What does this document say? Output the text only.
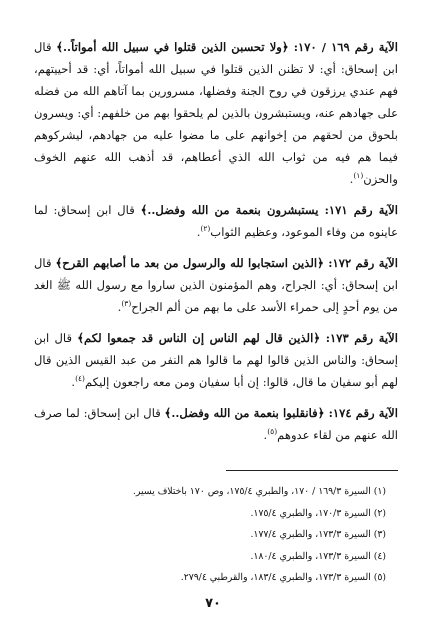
الآية رقم ١٦٩ / ١٧٠: ﴿ولا تحسبن الذين قتلوا في سبيل الله أمواتاً..﴾ قال ابن إسحاق: أي: لا تظنن الذين قتلوا في سبيل الله أمواتاً، أي: قد أحييتهم، فهم عندي يرزقون في روح الجنة وفضلها، مسرورين بما آتاهم الله من فضله على جهادهم عنه، ويستبشرون بالذين لم يلحقوا بهم من خلفهم: أي: ويسرون بلحوق من لحقهم من إخوانهم على ما مضوا عليه من جهادهم، ليشركوهم فيما هم فيه من ثواب الله الذي أعطاهم، قد أذهب الله عنهم الخوف والحزن$^{(١)}$.

الآية رقم ١٧١: يستبشرون بنعمة من الله وفضل..﴾ قال ابن إسحاق: لما عاينوه من وفاء الموعود، وعظيم الثواب$^{(٢)}$.

الآية رقم ١٧٢: ﴿الذين استجابوا لله والرسول من بعد ما أصابهم القرح﴾ قال ابن إسحاق: أي: الجراح، وهم المؤمنون الذين ساروا مع رسول الله ﷺ الغد من يوم أحدٍ إلى حمراء الأسد على ما بهم من ألم الجراح$^{(٣)}$.

الآية رقم ١٧٣: ﴿الذين قال لهم الناس إن الناس قد جمعوا لكم﴾ قال ابن إسحاق: والناس الذين قالوا لهم ما قالوا هم النفر من عبد القيس الذين قال لهم أبو سفيان ما قال، قالوا: إن أبا سفيان ومن معه راجعون إليكم$^{(٤)}$.

الآية رقم ١٧٤: ﴿فانقلبوا بنعمة من الله وفضل..﴾ قال ابن إسحاق: لما صرف الله عنهم من لقاء عدوهم$^{(٥)}$.

(١) السيرة ١٦٩/٣ / ١٧٠، والطبري ١٧٥/٤، وص ١٧٠ باختلاف يسير.
(٢) السيرة ١٧٠/٣، والطبري ١٧٥/٤.
(٣) السيرة ١٧٣/٣، والطبري ١٧٧/٤.
(٤) السيرة ١٧٣/٣، والطبري ١٨٠/٤.
(٥) السيرة ١٧٣/٣، والطبري ١٨٣/٤، والقرطبي ٢٧٩/٤.
٧٠
